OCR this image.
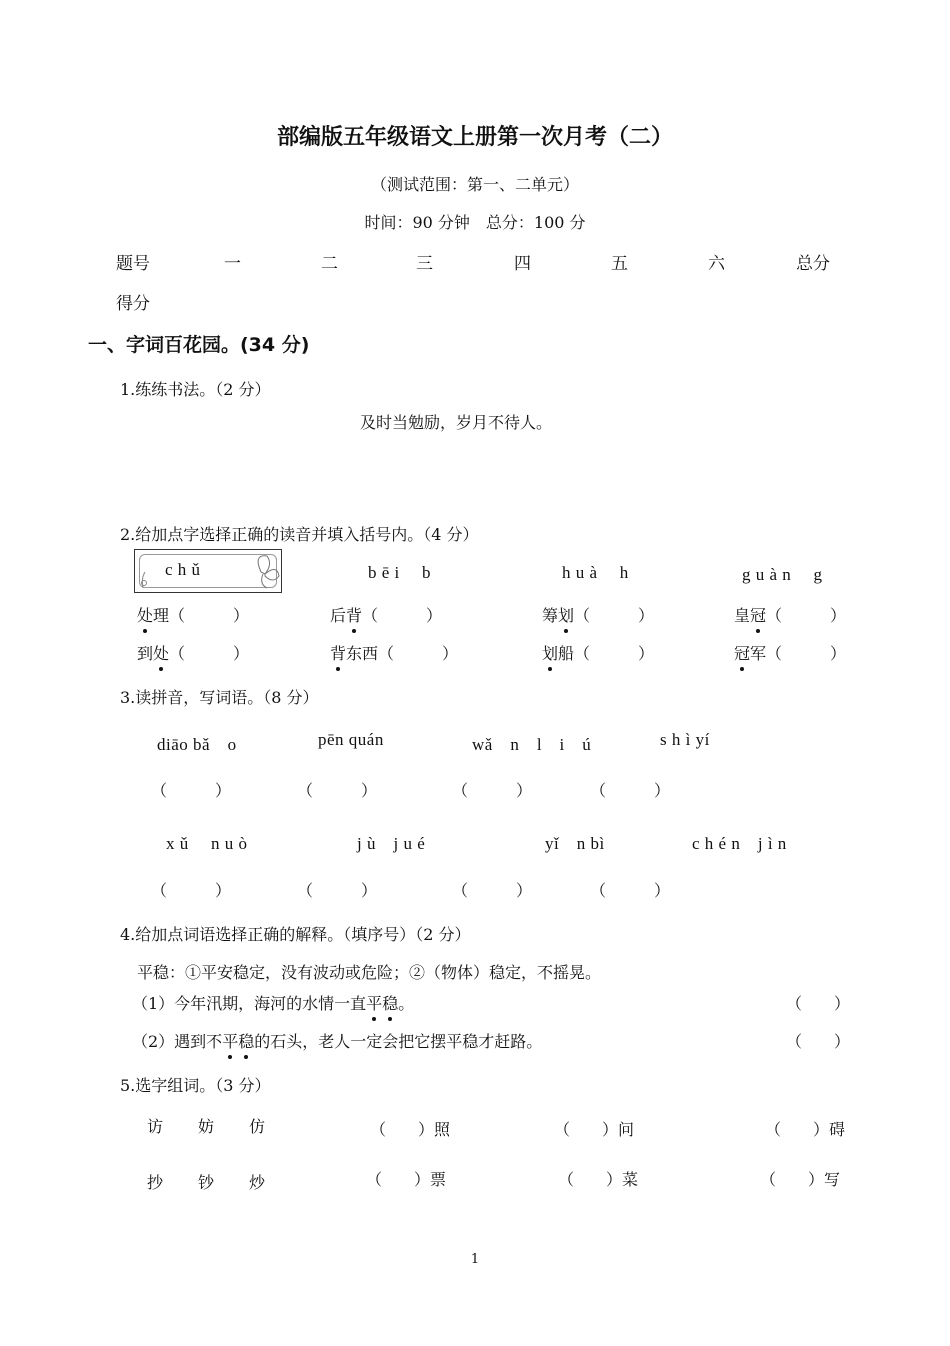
部编版五年级语文上册第一次月考（二）
（测试范围：第一、二单元）
时间：90 分钟　总分：100 分
题号	一	二	三	四	五	六	总分
得分
一、字词百花园。(34 分)
1.练练书法。（2 分）
及时当勉励，岁月不待人。
2.给加点字选择正确的读音并填入括号内。（4 分）
c h ǔ	b ē i　 b	h u à　 h	g u à n　 g
处理（　　　）	后背（　　　）	筹划（　　　）	皇冠（　　　）
到处（　　　）	背东西（　　　）	划船（　　　）	冠军（　　　）
3.读拼音，写词语。（8 分）
diāo bǎ　o	pēn quán	wǎ　n　l　i　ú	s h ì yí
（　　　）	（　　　）	（　　　）	（　　　）
x ǔ　 n u ò	j ù　j u é	yǐ　n bì	c h é n　j ì n
（　　　）	（　　　）	（　　　）	（　　　）
4.给加点词语选择正确的解释。（填序号）（2 分）
平稳：①平安稳定，没有波动或危险；②（物体）稳定，不摇晃。
（1）今年汛期，海河的水情一直平稳。	（　　）
（2）遇到不平稳的石头，老人一定会把它摆平稳才赶路。	（　　）
5.选字组词。（3 分）
访 妨 仿	（　　）照	（　　）问	（　　）碍
抄 钞 炒	（　　）票	（　　）菜	（　　）写
1
